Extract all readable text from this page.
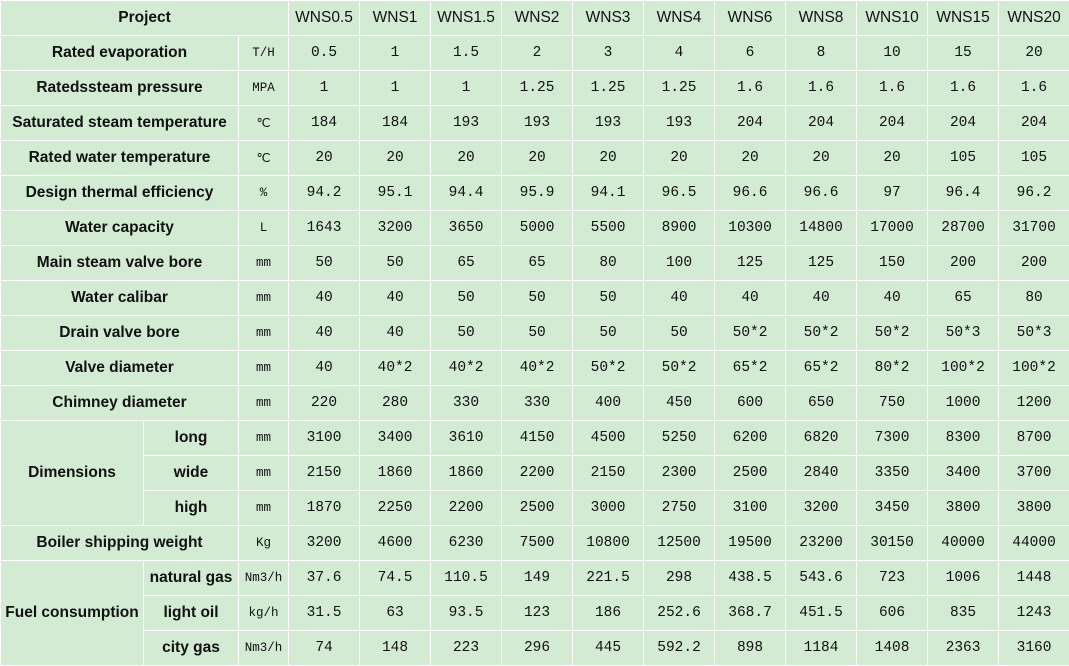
Project			WNS0.5	WNS1	WNS1.5	WNS2	WNS3	WNS4	WNS6	WNS8	WNS10	WNS15	WNS20
Rated evaporation		T/H	0.5	1	1.5	2	3	4	6	8	10	15	20
Ratedssteam pressure		MPA	1	1	1	1.25	1.25	1.25	1.6	1.6	1.6	1.6	1.6
Saturated steam temperature		℃	184	184	193	193	193	193	204	204	204	204	204
Rated water temperature		℃	20	20	20	20	20	20	20	20	20	105	105
Design thermal efficiency		%	94.2	95.1	94.4	95.9	94.1	96.5	96.6	96.6	97	96.4	96.2
Water capacity		L	1643	3200	3650	5000	5500	8900	10300	14800	17000	28700	31700
Main steam valve bore		mm	50	50	65	65	80	100	125	125	150	200	200
Water calibar		mm	40	40	50	50	50	40	40	40	40	65	80
Drain valve bore		mm	40	40	50	50	50	50	50*2	50*2	50*2	50*3	50*3
Valve diameter		mm	40	40*2	40*2	40*2	50*2	50*2	65*2	65*2	80*2	100*2	100*2
Chimney diameter		mm	220	280	330	330	400	450	600	650	750	1000	1200
Dimensions	long	mm	3100	3400	3610	4150	4500	5250	6200	6820	7300	8300	8700
	wide	mm	2150	1860	1860	2200	2150	2300	2500	2840	3350	3400	3700
	high	mm	1870	2250	2200	2500	3000	2750	3100	3200	3450	3800	3800
Boiler shipping weight		Kg	3200	4600	6230	7500	10800	12500	19500	23200	30150	40000	44000
Fuel consumption	natural gas	Nm3/h	37.6	74.5	110.5	149	221.5	298	438.5	543.6	723	1006	1448
	light oil	kg/h	31.5	63	93.5	123	186	252.6	368.7	451.5	606	835	1243
	city gas	Nm3/h	74	148	223	296	445	592.2	898	1184	1408	2363	3160
